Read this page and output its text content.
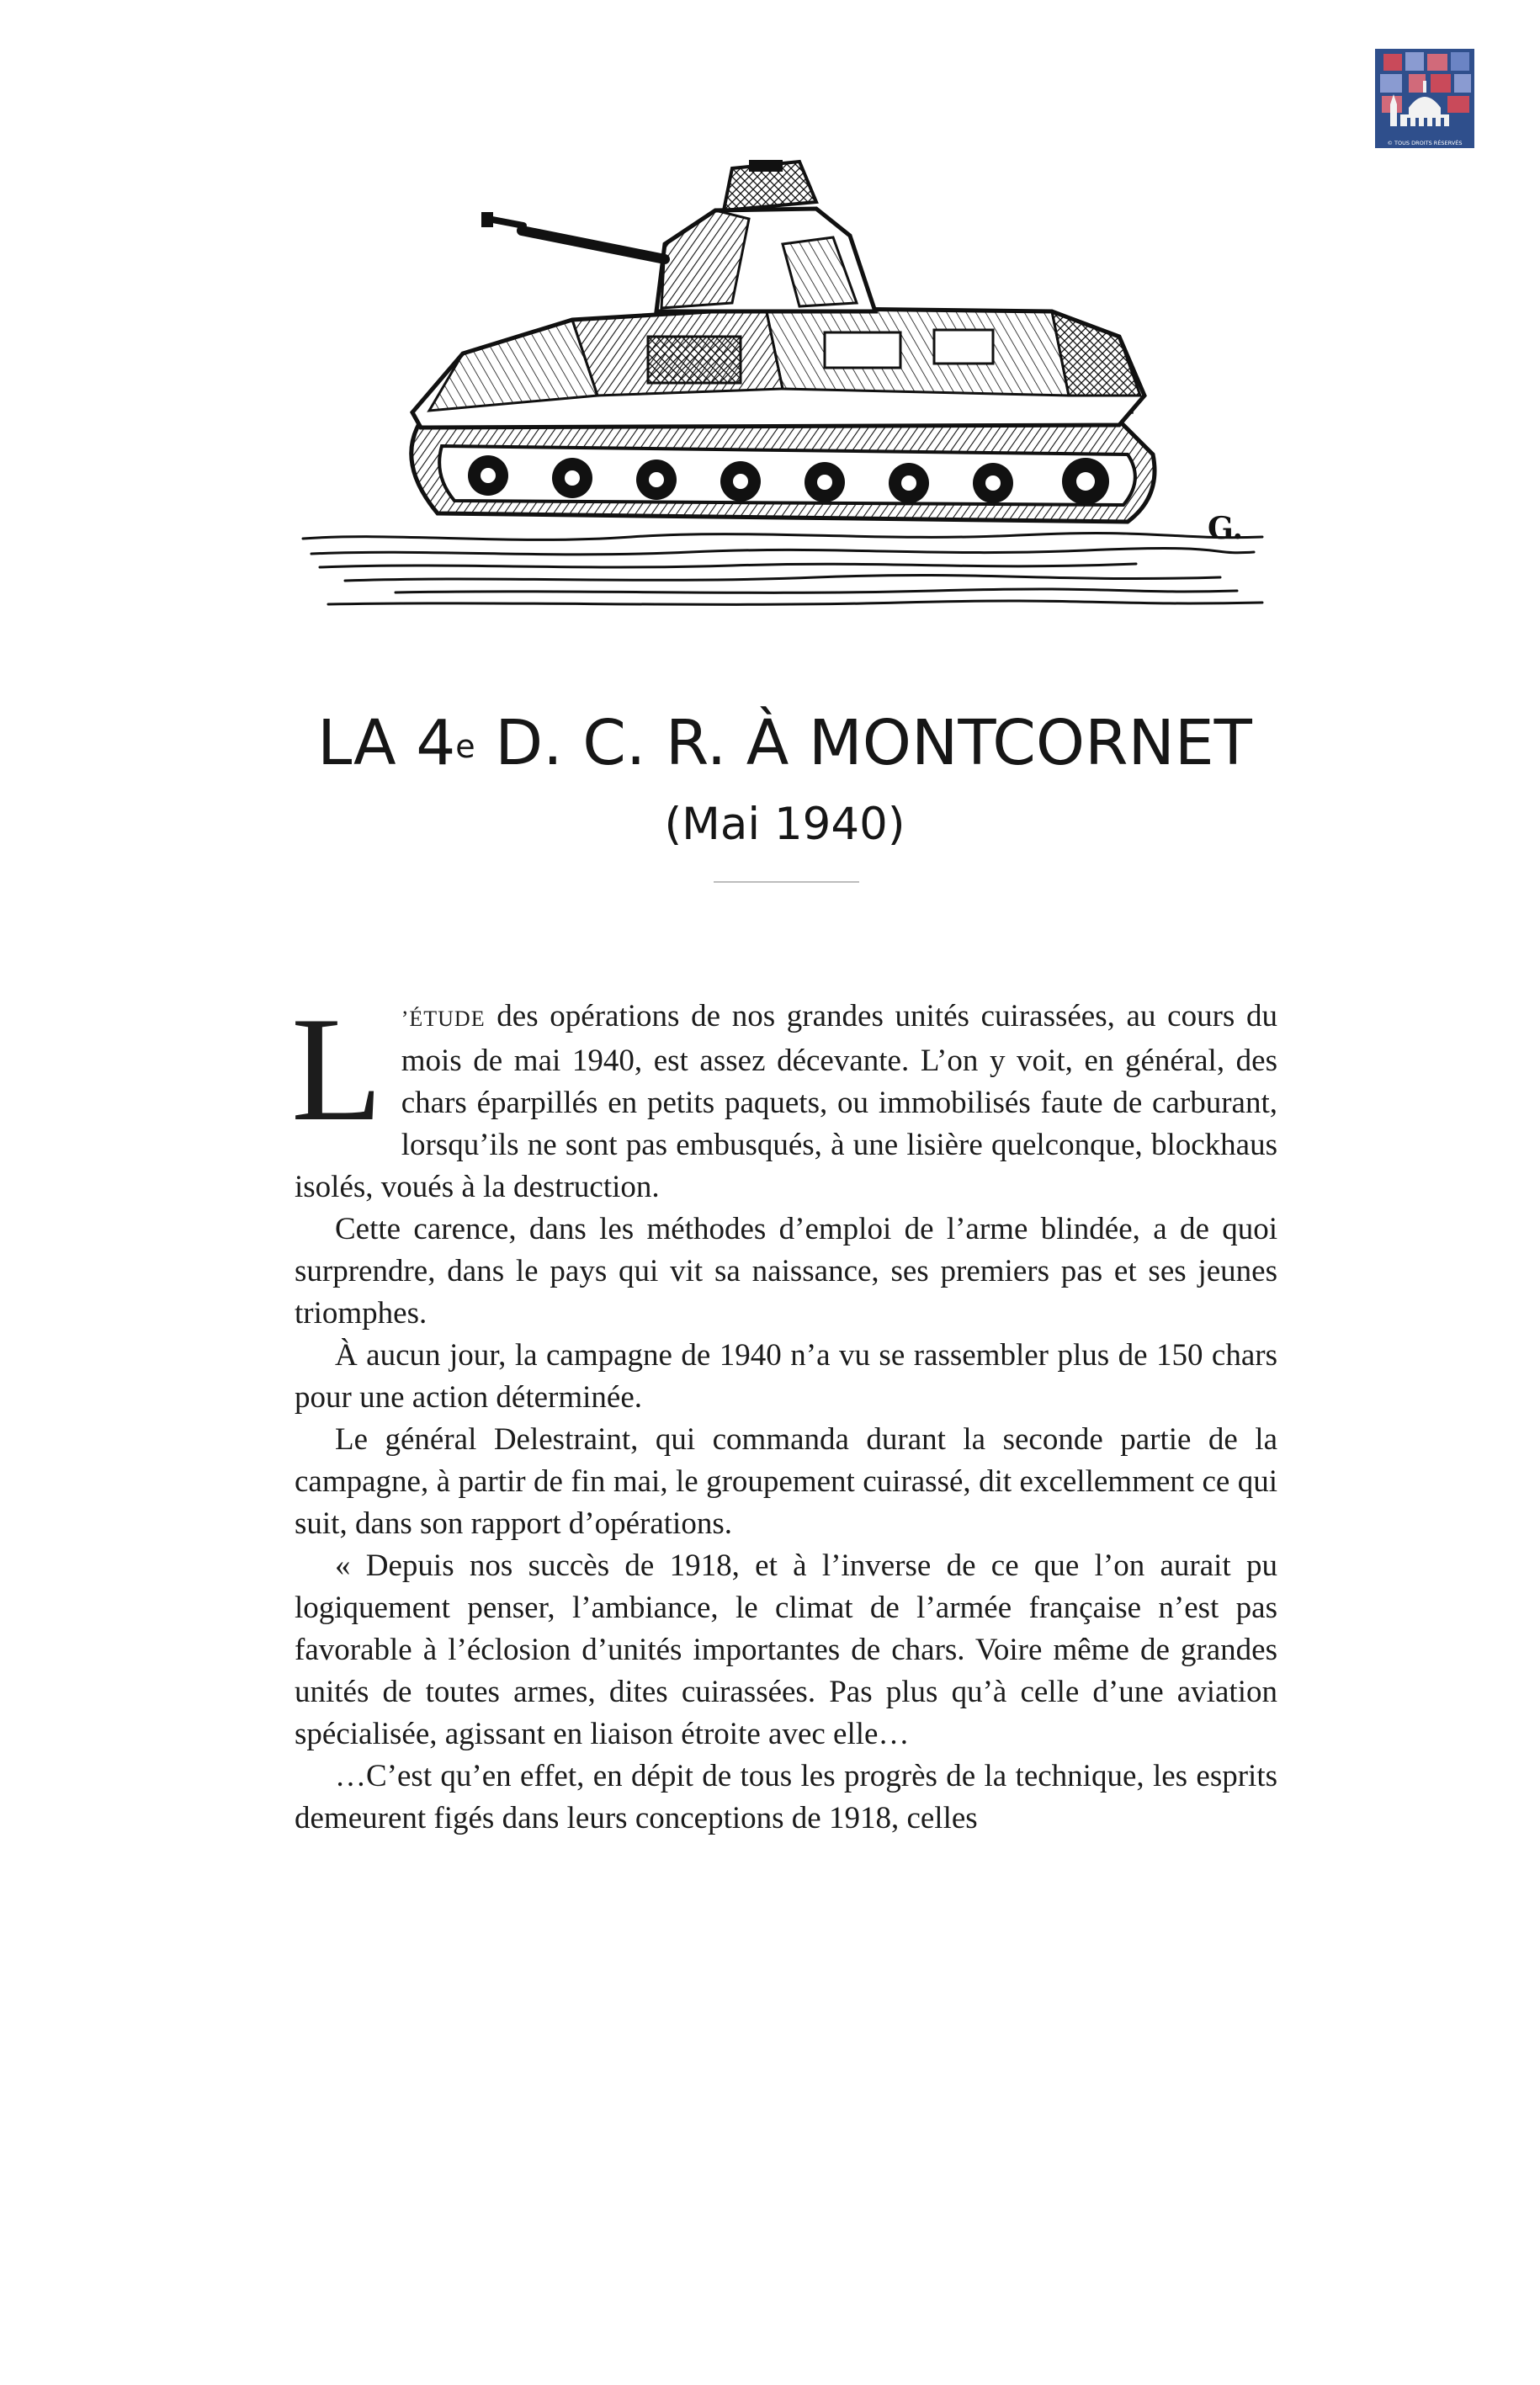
© TOUS DROITS RÉSERVÉS
G.
LA 4e D. C. R. À MONTCORNET
(Mai 1940)

L ’ÉTUDE des opérations de nos grandes unités cuirassées, au cours du mois de mai 1940, est assez décevante. L’on y voit, en général, des chars éparpillés en petits paquets, ou immobilisés faute de carburant, lorsqu’ils ne sont pas embusqués, à une lisière quelconque, blockhaus isolés, voués à la destruction.

Cette carence, dans les méthodes d’emploi de l’arme blindée, a de quoi surprendre, dans le pays qui vit sa naissance, ses premiers pas et ses jeunes triomphes.

À aucun jour, la campagne de 1940 n’a vu se rassembler plus de 150 chars pour une action déterminée.

Le général Delestraint, qui commanda durant la seconde partie de la campagne, à partir de fin mai, le groupement cuirassé, dit excellemment ce qui suit, dans son rapport d’opérations.

« Depuis nos succès de 1918, et à l’inverse de ce que l’on aurait pu logiquement penser, l’ambiance, le climat de l’armée française n’est pas favorable à l’éclosion d’unités importantes de chars. Voire même de grandes unités de toutes armes, dites cuirassées. Pas plus qu’à celle d’une aviation spécialisée, agissant en liaison étroite avec elle…

…C’est qu’en effet, en dépit de tous les progrès de la technique, les esprits demeurent figés dans leurs conceptions de 1918, celles
